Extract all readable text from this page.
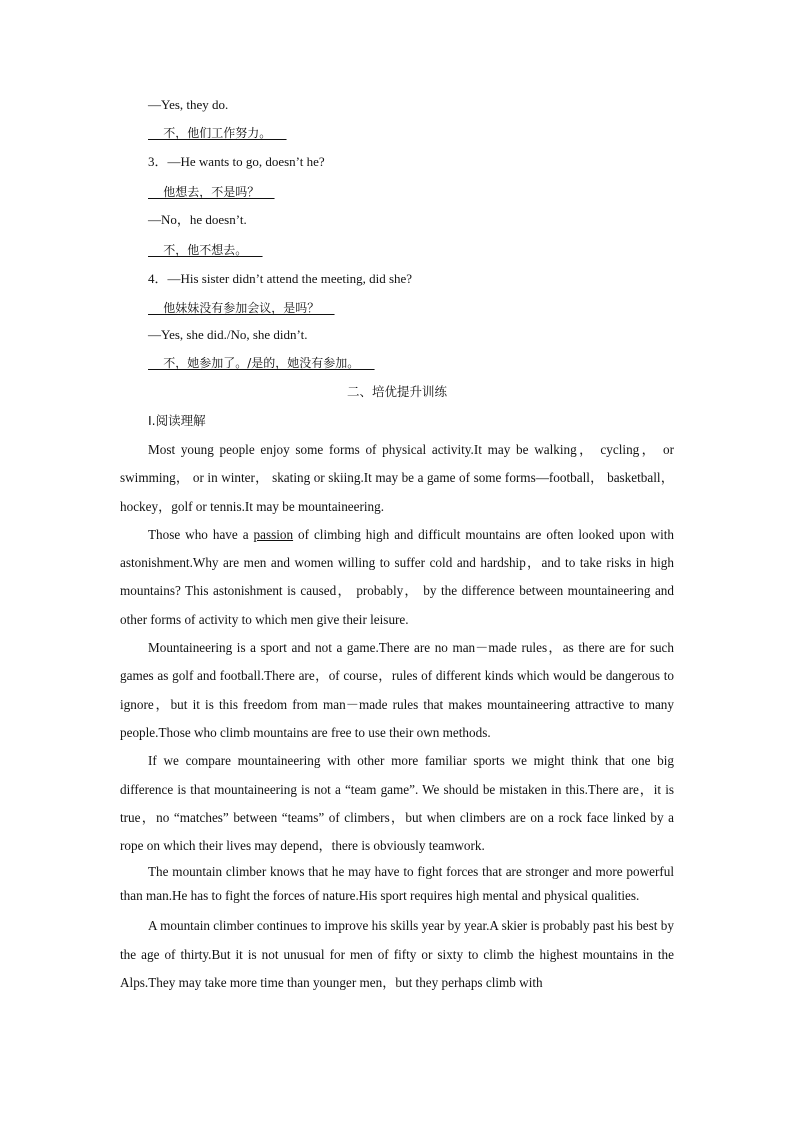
—Yes, they do.
不，他们工作努力。
3．—He wants to go, doesn’t he?
他想去，不是吗？
—No，he doesn’t.
不，他不想去。
4．—His sister didn’t attend the meeting, did she?
他妹妹没有参加会议，是吗？
—Yes, she did./No, she didn’t.
不，她参加了。/是的，她没有参加。
二、培优提升训练
Ⅰ.阅读理解

Most young people enjoy some forms of physical activity.It may be walking， cycling， or swimming， or in winter， skating or skiing.It may be a game of some forms—football， basketball，hockey，golf or tennis.It may be mountaineering.

Those who have a passion of climbing high and difficult mountains are often looked upon with astonishment.Why are men and women willing to suffer cold and hardship，and to take risks in high mountains? This astonishment is caused， probably， by the difference between mountaineering and other forms of activity to which men give their leisure.

Mountaineering is a sport and not a game.There are no man－made rules，as there are for such games as golf and football.There are，of course，rules of different kinds which would be dangerous to ignore，but it is this freedom from man－made rules that makes mountaineering attractive to many people.Those who climb mountains are free to use their own methods.

If we compare mountaineering with other more familiar sports we might think that one big difference is that mountaineering is not a “team game”. We should be mistaken in this.There are，it is true，no “matches” between “teams” of climbers，but when climbers are on a rock face linked by a rope on which their lives may depend，there is obviously teamwork.

The mountain climber knows that he may have to fight forces that are stronger and more powerful than man.He has to fight the forces of nature.His sport requires high mental and physical qualities.

A mountain climber continues to improve his skills year by year.A skier is probably past his best by the age of thirty.But it is not unusual for men of fifty or sixty to climb the highest mountains in the Alps.They may take more time than younger men，but they perhaps climb with
